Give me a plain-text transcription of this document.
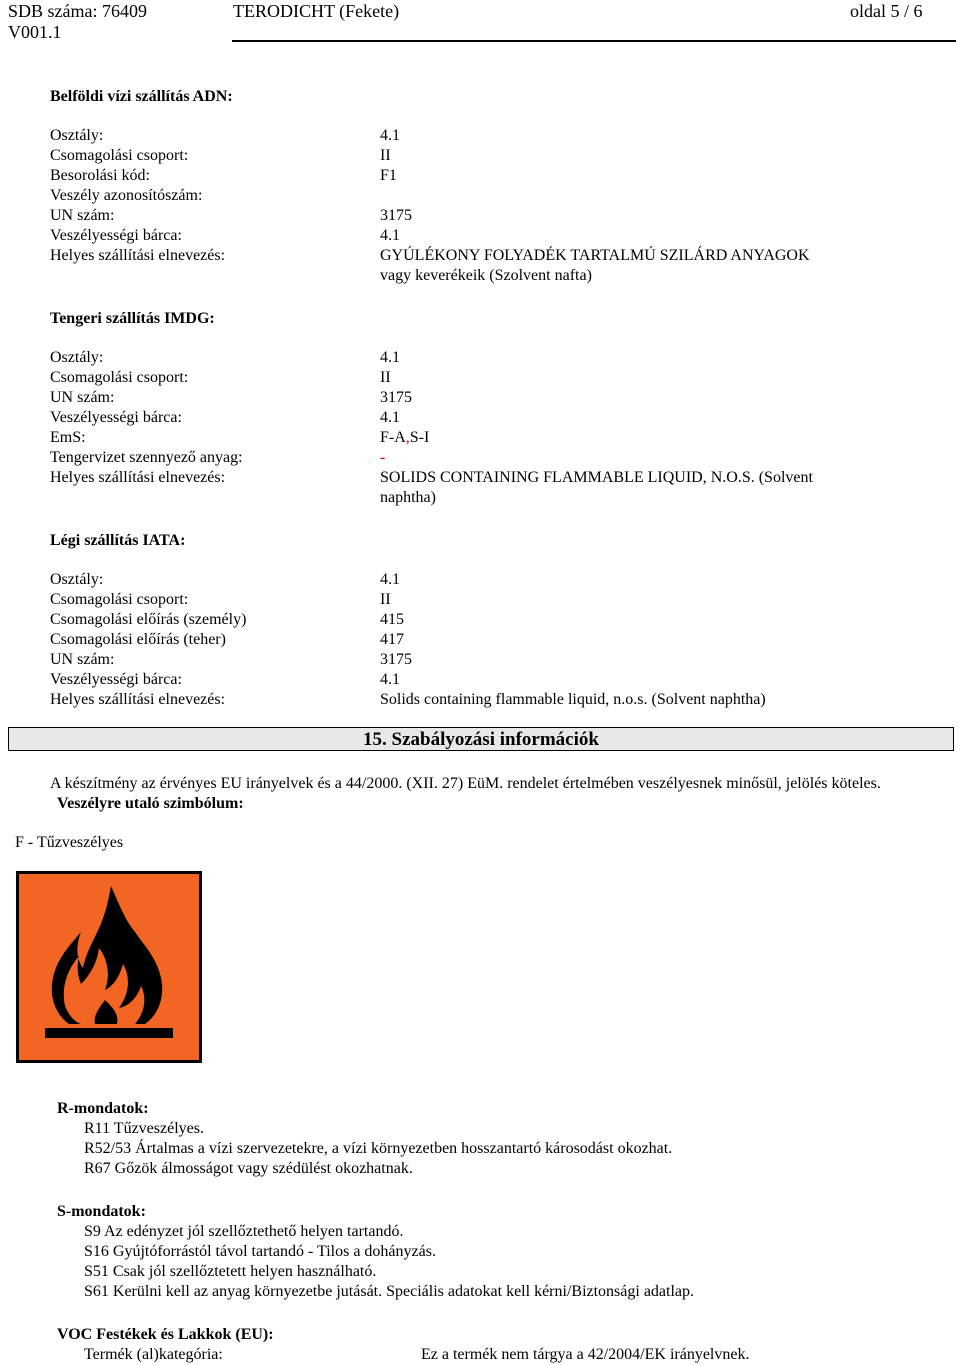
SDB száma: 76409	TERODICHT (Fekete)	oldal 5 / 6
V001.1
Belföldi vízi szállítás ADN:
Osztály:	4.1
Csomagolási csoport:	II
Besorolási kód:	F1
Veszély azonosítószám:
UN szám:	3175
Veszélyességi bárca:	4.1
Helyes szállítási elnevezés:	GYÚLÉKONY FOLYADÉK TARTALMÚ SZILÁRD ANYAGOK
vagy keverékeik (Szolvent nafta)
Tengeri szállítás IMDG:
Osztály:	4.1
Csomagolási csoport:	II
UN szám:	3175
Veszélyességi bárca:	4.1
EmS:	F-A,S-I
Tengervizet szennyező anyag:	-
Helyes szállítási elnevezés:	SOLIDS CONTAINING FLAMMABLE LIQUID, N.O.S. (Solvent
naphtha)
Légi szállítás IATA:
Osztály:	4.1
Csomagolási csoport:	II
Csomagolási előírás (személy)	415
Csomagolási előírás (teher)	417
UN szám:	3175
Veszélyességi bárca:	4.1
Helyes szállítási elnevezés:	Solids containing flammable liquid, n.o.s. (Solvent naphtha)
15. Szabályozási információk
A készítmény az érvényes EU irányelvek és a 44/2000. (XII. 27) EüM. rendelet értelmében veszélyesnek minősül, jelölés köteles.
Veszélyre utaló szimbólum:
F - Tűzveszélyes
R-mondatok:
R11 Tűzveszélyes.
R52/53 Ártalmas a vízi szervezetekre, a vízi környezetben hosszantartó károsodást okozhat.
R67 Gőzök álmosságot vagy szédülést okozhatnak.
S-mondatok:
S9 Az edényzet jól szellőztethető helyen tartandó.
S16 Gyújtóforrástól távol tartandó - Tilos a dohányzás.
S51 Csak jól szellőztetett helyen használható.
S61 Kerülni kell az anyag környezetbe jutását. Speciális adatokat kell kérni/Biztonsági adatlap.
VOC Festékek és Lakkok (EU):
Termék (al)kategória:	Ez a termék nem tárgya a 42/2004/EK irányelvnek.
